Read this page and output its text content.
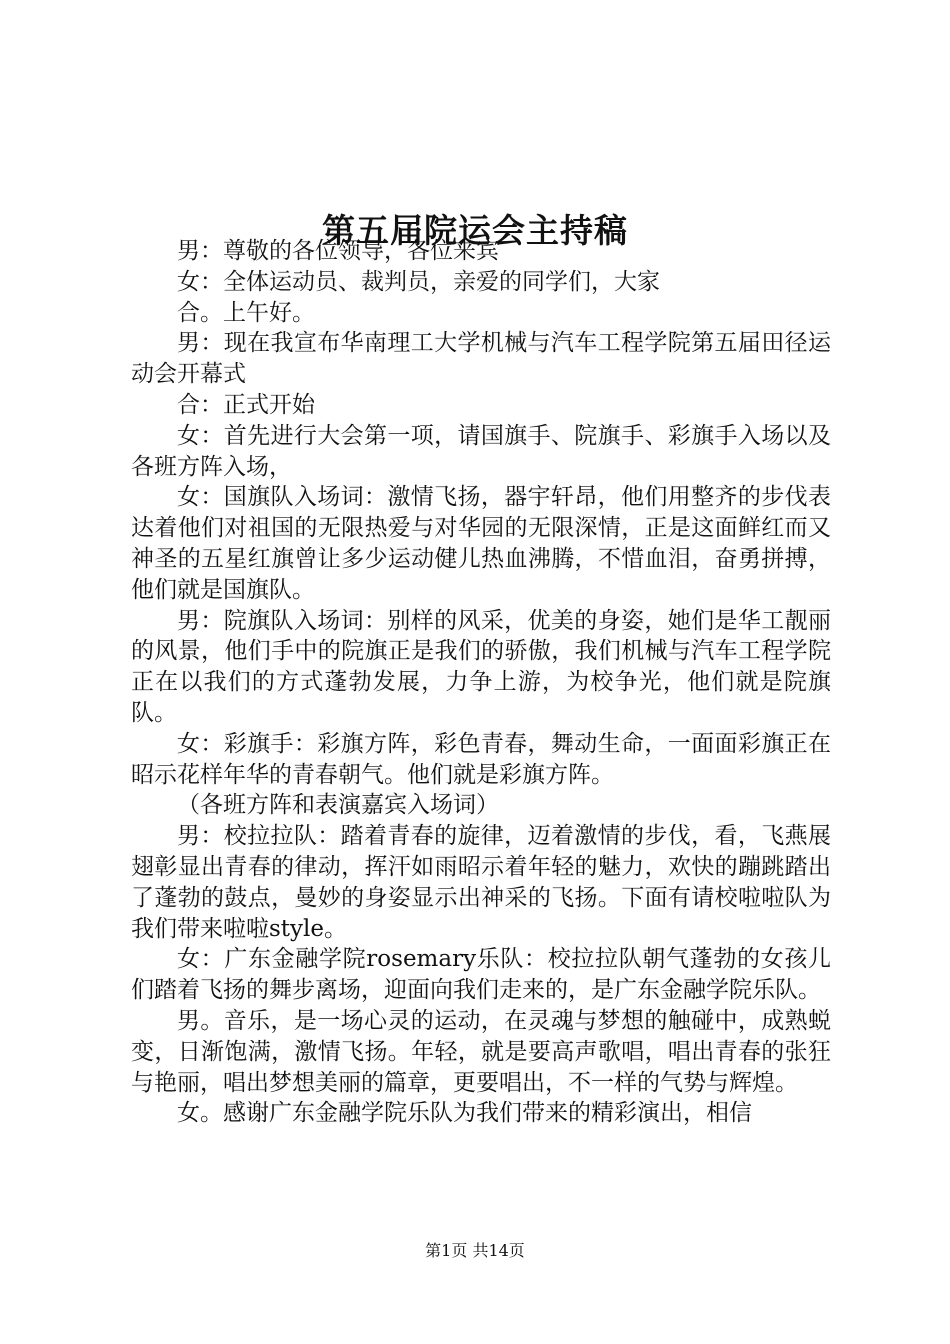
第五届院运会主持稿

男：尊敬的各位领导，各位来宾

女：全体运动员、裁判员，亲爱的同学们，大家

合。上午好。

男：现在我宣布华南理工大学机械与汽车工程学院第五届田径运动会开幕式

合：正式开始

女：首先进行大会第一项，请国旗手、院旗手、彩旗手入场以及各班方阵入场，

女：国旗队入场词：激情飞扬，器宇轩昂，他们用整齐的步伐表达着他们对祖国的无限热爱与对华园的无限深情，正是这面鲜红而又神圣的五星红旗曾让多少运动健儿热血沸腾，不惜血泪，奋勇拼搏，他们就是国旗队。

男：院旗队入场词：别样的风采，优美的身姿，她们是华工靓丽的风景，他们手中的院旗正是我们的骄傲，我们机械与汽车工程学院正在以我们的方式蓬勃发展，力争上游，为校争光，他们就是院旗队。

女：彩旗手：彩旗方阵，彩色青春，舞动生命，一面面彩旗正在昭示花样年华的青春朝气。他们就是彩旗方阵。

（各班方阵和表演嘉宾入场词）

男：校拉拉队：踏着青春的旋律，迈着激情的步伐，看，飞燕展翅彰显出青春的律动，挥汗如雨昭示着年轻的魅力，欢快的蹦跳踏出了蓬勃的鼓点，曼妙的身姿显示出神采的飞扬。下面有请校啦啦队为我们带来啦啦style。

女：广东金融学院rosemary乐队：校拉拉队朝气蓬勃的女孩儿们踏着飞扬的舞步离场，迎面向我们走来的，是广东金融学院乐队。

男。音乐，是一场心灵的运动，在灵魂与梦想的触碰中，成熟蜕变，日渐饱满，激情飞扬。年轻，就是要高声歌唱，唱出青春的张狂与艳丽，唱出梦想美丽的篇章，更要唱出，不一样的气势与辉煌。

女。感谢广东金融学院乐队为我们带来的精彩演出，相信

第1页 共14页
